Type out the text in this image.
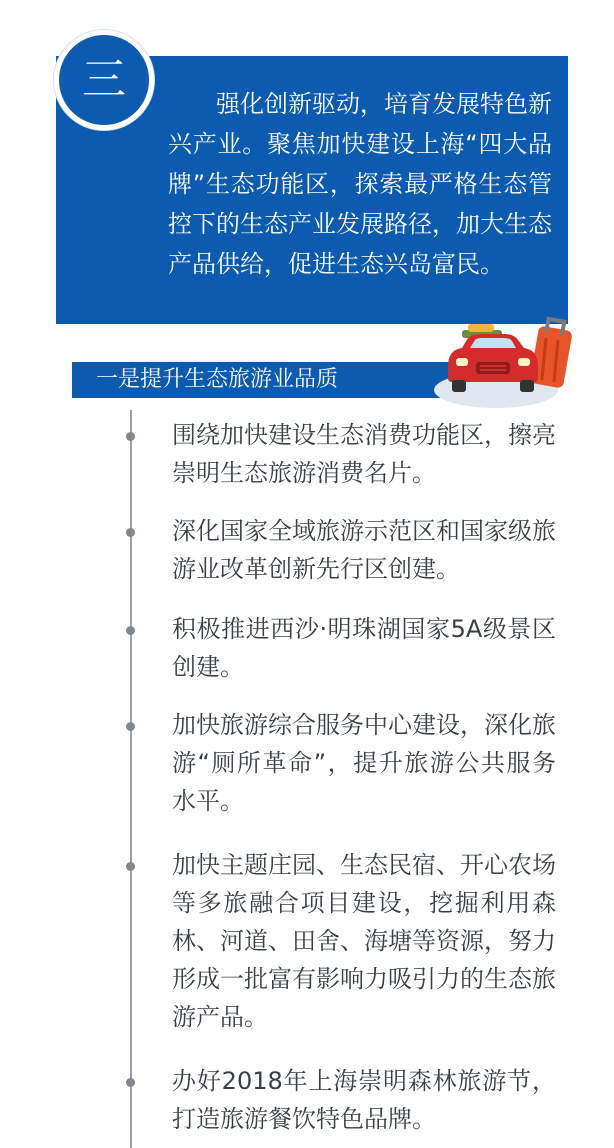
强化创新驱动，培育发展特色新兴产业。聚焦加快建设上海“四大品牌”生态功能区，探索最严格生态管控下的生态产业发展路径，加大生态产品供给，促进生态兴岛富民。

三
一是提升生态旅游业品质

围绕加快建设生态消费功能区，擦亮崇明生态旅游消费名片。

深化国家全域旅游示范区和国家级旅游业改革创新先行区创建。

积极推进西沙·明珠湖国家5A级景区创建。

加快旅游综合服务中心建设，深化旅游“厕所革命”，提升旅游公共服务水平。

加快主题庄园、生态民宿、开心农场等多旅融合项目建设，挖掘利用森林、河道、田舍、海塘等资源，努力形成一批富有影响力吸引力的生态旅游产品。

办好2018年上海崇明森林旅游节，打造旅游餐饮特色品牌。
